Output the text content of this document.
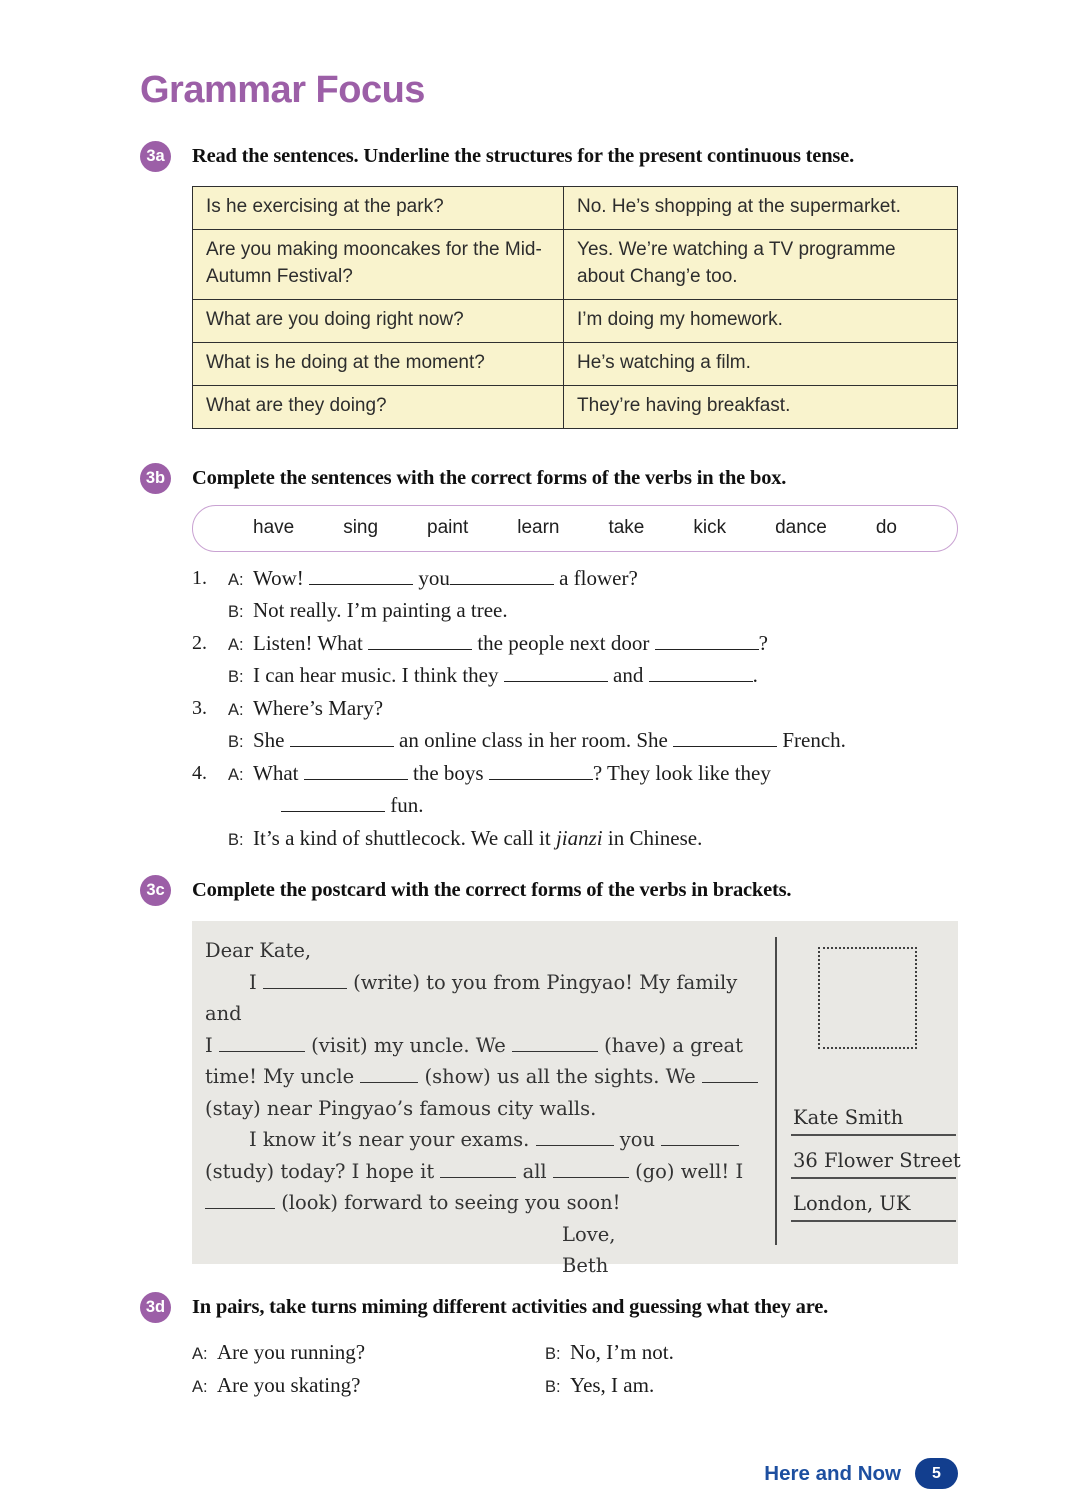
Grammar Focus
3a	Read the sentences. Underline the structures for the present continuous tense.
Is he exercising at the park?	No. He’s shopping at the supermarket.
Are you making mooncakes for the Mid-Autumn Festival?	Yes. We’re watching a TV programme about Chang’e too.
What are you doing right now?	I’m doing my homework.
What is he doing at the moment?	He’s watching a film.
What are they doing?	They’re having breakfast.
3b Complete the sentences with the correct forms of the verbs in the box.
have	sing	paint	learn	take	kick	dance	do
1. A: Wow!	you	a flower?
B: Not really. I’m painting a tree.
2. A: Listen! What	the people next door	?
B: I can hear music. I think they	and	.
3. A: Where’s Mary?
B: She	an online class in her room. She	French.
4. A: What	the boys	? They look like they
fun.
B: It’s a kind of shuttlecock. We call it jianzi in Chinese.
3c	Complete the postcard with the correct forms of the verbs in brackets.
Dear Kate,
I	(write) to you from Pingyao! My family and
I	(visit) my uncle. We	(have) a great
time! My uncle	(show) us all the sights. We
(stay) near Pingyao’s famous city walls.
I know it’s near your exams.	you
(study) today? I hope it	all	(go) well! I
(look) forward to seeing you soon!
Love,
Beth
Kate Smith
36 Flower Street
London, UK
3d In pairs, take turns miming different activities and guessing what they are.
A: Are you running?	B: No, I’m not.
A: Are you skating?	B: Yes, I am.
Here and Now	5
